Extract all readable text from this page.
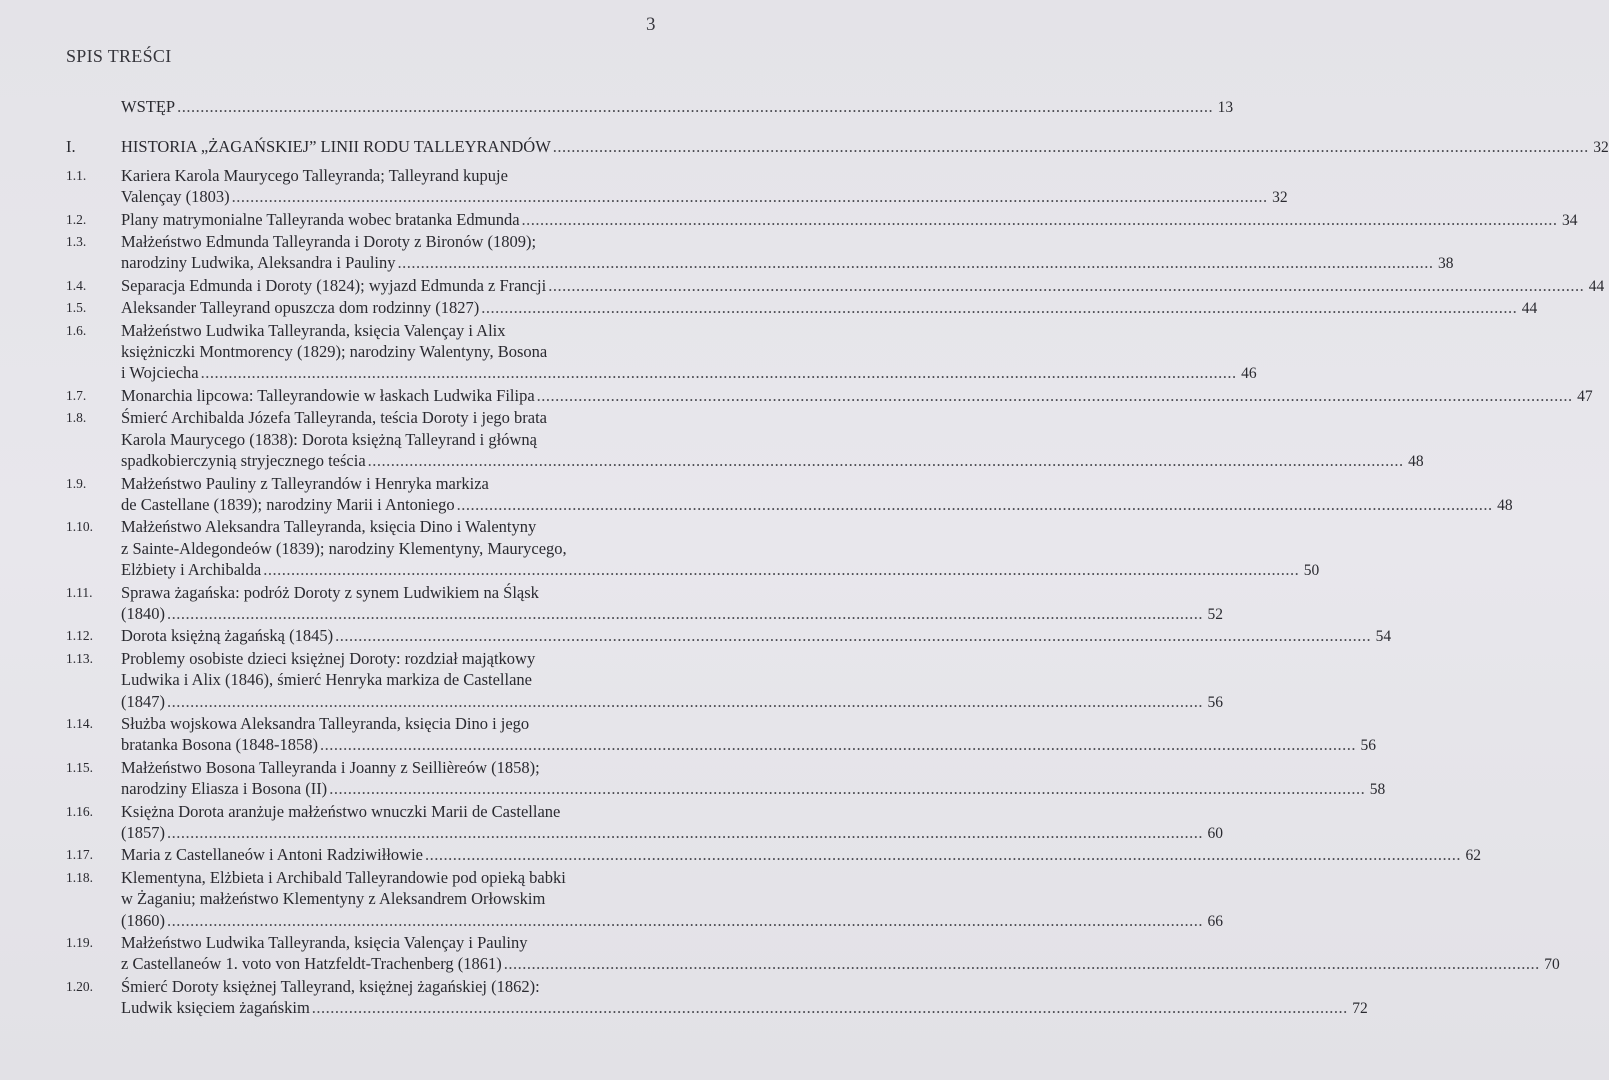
3
SPIS TREŚCI
WSTĘP .....	13
I.	HISTORIA „ŻAGAŃSKIEJ” LINII RODU TALLEYRANDÓW .....	32
1.1.	Kariera Karola Maurycego Talleyranda; Talleyrand kupuje
Valençay (1803) .....	32
1.2.	Plany matrymonialne Talleyranda wobec bratanka Edmunda .....	34
1.3.	Małżeństwo Edmunda Talleyranda i Doroty z Bironów (1809);
narodziny Ludwika, Aleksandra i Pauliny .....	38
1.4.	Separacja Edmunda i Doroty (1824); wyjazd Edmunda z Francji .....	44
1.5.	Aleksander Talleyrand opuszcza dom rodzinny (1827) .....	44
1.6.	Małżeństwo Ludwika Talleyranda, księcia Valençay i Alix
księżniczki Montmorency (1829); narodziny Walentyny, Bosona
i Wojciecha .....	46
1.7.	Monarchia lipcowa: Talleyrandowie w łaskach Ludwika Filipa .....	47
1.8.	Śmierć Archibalda Józefa Talleyranda, teścia Doroty i jego brata
Karola Maurycego (1838): Dorota księżną Talleyrand i główną
spadkobierczynią stryjecznego teścia .....	48
1.9.	Małżeństwo Pauliny z Talleyrandów i Henryka markiza
de Castellane (1839); narodziny Marii i Antoniego .....	48
1.10.	Małżeństwo Aleksandra Talleyranda, księcia Dino i Walentyny
z Sainte-Aldegondeów (1839); narodziny Klementyny, Maurycego,
Elżbiety i Archibalda .....	50
1.11.	Sprawa żagańska: podróż Doroty z synem Ludwikiem na Śląsk
(1840) .....	52
1.12.	Dorota księżną żagańską (1845) .....	54
1.13.	Problemy osobiste dzieci księżnej Doroty: rozdział majątkowy
Ludwika i Alix (1846), śmierć Henryka markiza de Castellane
(1847) .....	56
1.14.	Służba wojskowa Aleksandra Talleyranda, księcia Dino i jego
bratanka Bosona (1848-1858) .....	56
1.15.	Małżeństwo Bosona Talleyranda i Joanny z Seillièreów (1858);
narodziny Eliasza i Bosona (II) .....	58
1.16.	Księżna Dorota aranżuje małżeństwo wnuczki Marii de Castellane
(1857) .....	60
1.17.	Maria z Castellaneów i Antoni Radziwiłłowie .....	62
1.18.	Klementyna, Elżbieta i Archibald Talleyrandowie pod opieką babki
w Żaganiu; małżeństwo Klementyny z Aleksandrem Orłowskim
(1860) .....	66
1.19.	Małżeństwo Ludwika Talleyranda, księcia Valençay i Pauliny
z Castellaneów 1. voto von Hatzfeldt-Trachenberg (1861) .....	70
1.20.	Śmierć Doroty księżnej Talleyrand, księżnej żagańskiej (1862):
Ludwik księciem żagańskim .....	72
